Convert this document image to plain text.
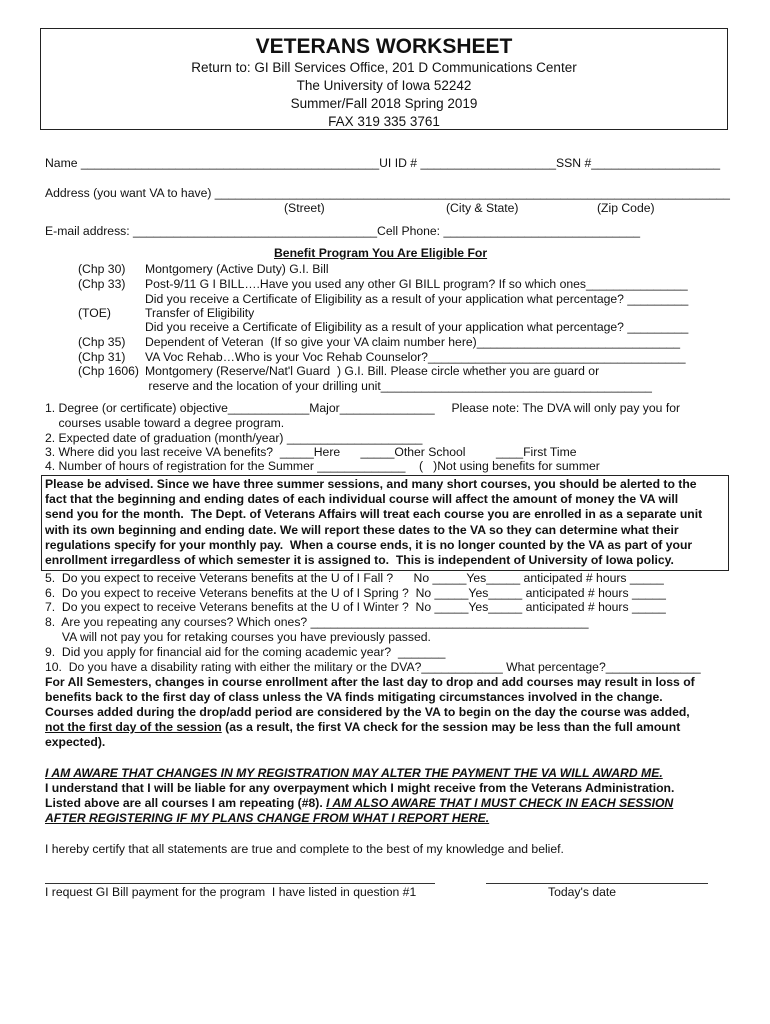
VETERANS WORKSHEET
Return to: GI Bill Services Office, 201 D Communications Center
The University of Iowa 52242
Summer/Fall 2018 Spring 2019
FAX 319 335 3761
Name ____________________________________________UI ID # ____________________SSN #___________________
Address (you want VA to have) ____________________________________________________________________________
(Street)	(City & State)	(Zip Code)
E-mail address: ____________________________________Cell Phone: _____________________________
Benefit Program You Are Eligible For
(Chp 30) Montgomery (Active Duty) G.I. Bill
(Chp 33) Post-9/11 G I BILL….Have you used any other GI BILL program? If so which ones_______________
Did you receive a Certificate of Eligibility as a result of your application what percentage? _________
(TOE)	Transfer of Eligibility
Did you receive a Certificate of Eligibility as a result of your application what percentage? _________
(Chp 35) Dependent of Veteran  (If so give your VA claim number here)______________________________
(Chp 31) VA Voc Rehab…Who is your Voc Rehab Counselor?______________________________________
(Chp 1606) Montgomery (Reserve/Nat'l Guard  ) G.I. Bill. Please circle whether you are guard or
reserve and the location of your drilling unit________________________________________
1. Degree (or certificate) objective____________Major______________     Please note: The DVA will only pay you for
courses usable toward a degree program.
2. Expected date of graduation (month/year) ____________________
3. Where did you last receive VA benefits?  _____Here      _____Other School         ____First Time
4. Number of hours of registration for the Summer _____________    (   )Not using benefits for summer
Please be advised. Since we have three summer sessions, and many short courses, you should be alerted to the
fact that the beginning and ending dates of each individual course will affect the amount of money the VA will
send you for the month.  The Dept. of Veterans Affairs will treat each course you are enrolled in as a separate unit
with its own beginning and ending date. We will report these dates to the VA so they can determine what their
regulations specify for your monthly pay.  When a course ends, it is no longer counted by the VA as part of your
enrollment irregardless of which semester it is assigned to.  This is independent of University of Iowa policy.
5.  Do you expect to receive Veterans benefits at the U of I Fall ?      No _____Yes_____ anticipated # hours _____
6.  Do you expect to receive Veterans benefits at the U of I Spring ?  No _____Yes_____ anticipated # hours _____
7.  Do you expect to receive Veterans benefits at the U of I Winter ?  No _____Yes_____ anticipated # hours _____
8.  Are you repeating any courses? Which ones? _________________________________________
VA will not pay you for retaking courses you have previously passed.
9.  Did you apply for financial aid for the coming academic year?  _______
10.  Do you have a disability rating with either the military or the DVA?____________ What percentage?______________
For All Semesters, changes in course enrollment after the last day to drop and add courses may result in loss of
benefits back to the first day of class unless the VA finds mitigating circumstances involved in the change.
Courses added during the drop/add period are considered by the VA to begin on the day the course was added,
not the first day of the session (as a result, the first VA check for the session may be less than the full amount
expected).
I AM AWARE THAT CHANGES IN MY REGISTRATION MAY ALTER THE PAYMENT THE VA WILL AWARD ME.
I understand that I will be liable for any overpayment which I might receive from the Veterans Administration.
Listed above are all courses I am repeating (#8). I AM ALSO AWARE THAT I MUST CHECK IN EACH SESSION
AFTER REGISTERING IF MY PLANS CHANGE FROM WHAT I REPORT HERE.
I hereby certify that all statements are true and complete to the best of my knowledge and belief.
I request GI Bill payment for the program  I have listed in question #1	Today's date
